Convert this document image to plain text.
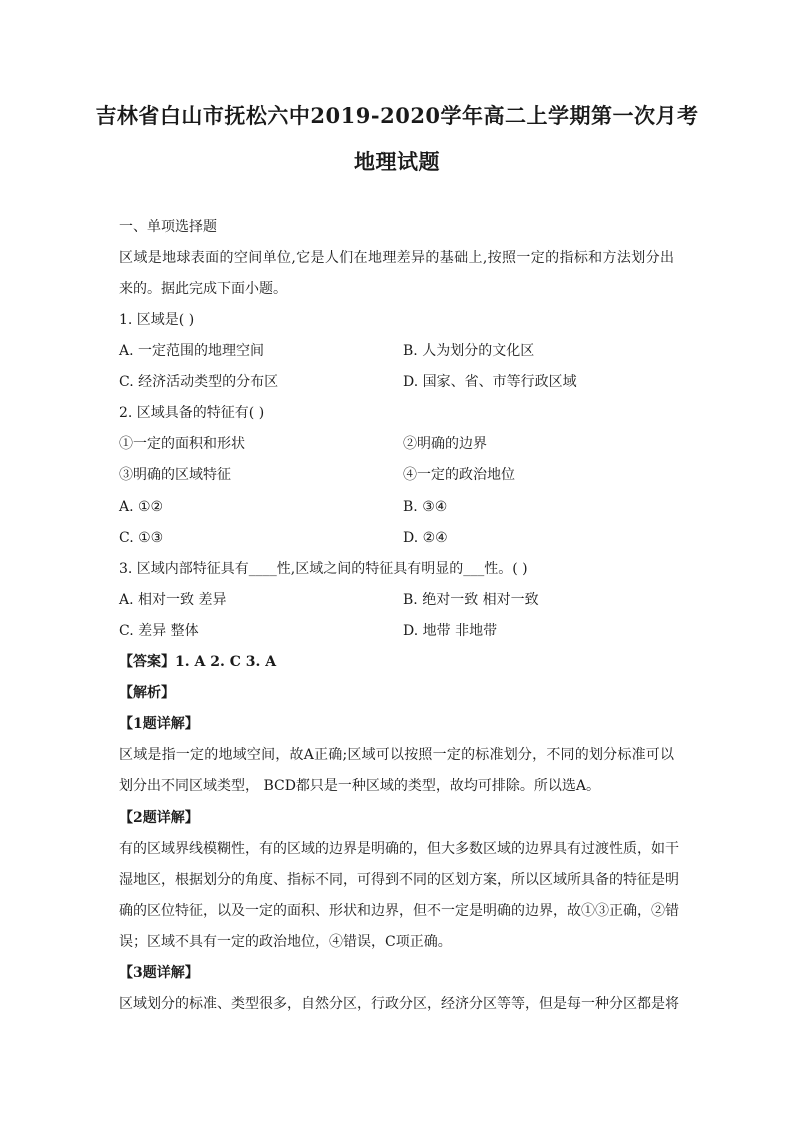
吉林省白山市抚松六中2019-2020学年高二上学期第一次月考
地理试题
一、单项选择题
区域是地球表面的空间单位,它是人们在地理差异的基础上,按照一定的指标和方法划分出
来的。据此完成下面小题。
1. 区域是( )
A. 一定范围的地理空间	B. 人为划分的文化区
C. 经济活动类型的分布区	D. 国家、省、市等行政区域
2. 区域具备的特征有( )
①一定的面积和形状	②明确的边界
③明确的区域特征	④一定的政治地位
A. ①②	B. ③④
C. ①③	D. ②④
3. 区域内部特征具有____性,区域之间的特征具有明显的___性。( )
A. 相对一致 差异	B. 绝对一致 相对一致
C. 差异 整体	D. 地带 非地带
【答案】1. A 2. C 3. A
【解析】
【1题详解】
区域是指一定的地域空间，故A正确;区域可以按照一定的标准划分，不同的划分标准可以
划分出不同区域类型， BCD都只是一种区域的类型，故均可排除。所以选A。
【2题详解】
有的区域界线模糊性，有的区域的边界是明确的，但大多数区域的边界具有过渡性质，如干
湿地区，根据划分的角度、指标不同，可得到不同的区划方案，所以区域所具备的特征是明
确的区位特征，以及一定的面积、形状和边界，但不一定是明确的边界，故①③正确，②错
误；区域不具有一定的政治地位，④错误，C项正确。
【3题详解】
区域划分的标准、类型很多，自然分区，行政分区，经济分区等等，但是每一种分区都是将
